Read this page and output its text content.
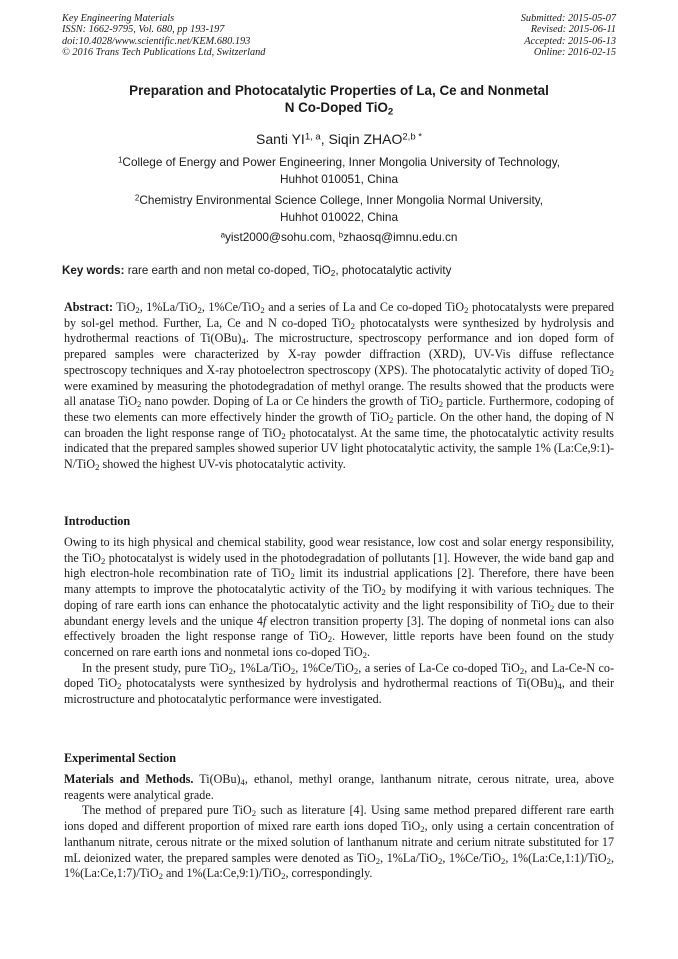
Key Engineering Materials
ISSN: 1662-9795, Vol. 680, pp 193-197
doi:10.4028/www.scientific.net/KEM.680.193
© 2016 Trans Tech Publications Ltd, Switzerland
Submitted: 2015-05-07
Revised: 2015-06-11
Accepted: 2015-06-13
Online: 2016-02-15
Preparation and Photocatalytic Properties of La, Ce and Nonmetal
N Co-Doped TiO$_2$
Santi YI$^{1, a}$, Siqin $ZHAO^{2,b *}$
$^1$College of Energy and Power Engineering, Inner Mongolia University of Technology,
Huhhot 010051, China
$^2$Chemistry Environmental Science College, Inner Mongolia Normal University,
Huhhot 010022, China
$^a$yist2000@sohu.com, $^b$zhaosq@imnu.edu.cn
Key words: rare earth and non metal co-doped, TiO$_2$, photocatalytic activity

Abstract: TiO$_2$, 1%La/TiO$_2$, 1%Ce/TiO$_2$ and a series of La and Ce co-doped TiO$_2$ photocatalysts were prepared by sol-gel method. Further, La, Ce and N co-doped TiO$_2$ photocatalysts were synthesized by hydrolysis and hydrothermal reactions of $Ti(OBu)_4$. The microstructure, spectroscopy performance and ion doped form of prepared samples were characterized by X-ray powder diffraction (XRD), UV-Vis diffuse reflectance spectroscopy techniques and X-ray photoelectron spectroscopy (XPS). The photocatalytic activity of doped TiO$_2$ were examined by measuring the photodegradation of methyl orange. The results showed that the products were all anatase TiO$_2$ nano powder. Doping of La or Ce hinders the growth of TiO$_2$ particle. Furthermore, codoping of these two elements can more effectively hinder the growth of TiO$_2$ particle. On the other hand, the doping of N can broaden the light response range of TiO$_2$ photocatalyst. At the same time, the photocatalytic activity results indicated that the prepared samples showed superior UV light photocatalytic activity, the sample 1% (La:Ce,9:1)-N/TiO$_2$ showed the highest UV-vis photocatalytic activity.

Introduction

Owing to its high physical and chemical stability, good wear resistance, low cost and solar energy responsibility, the TiO$_2$ photocatalyst is widely used in the photodegradation of pollutants [1]. However, the wide band gap and high electron-hole recombination rate of TiO$_2$ limit its industrial applications [2]. Therefore, there have been many attempts to improve the photocatalytic activity of the TiO$_2$ by modifying it with various techniques. The doping of rare earth ions can enhance the photocatalytic activity and the light responsibility of TiO$_2$ due to their abundant energy levels and the unique 4f electron transition property [3]. The doping of nonmetal ions can also effectively broaden the light response range of TiO$_2$. However, little reports have been found on the study concerned on rare earth ions and nonmetal ions co-doped TiO$_2$.

In the present study, pure TiO$_2$, 1%La/TiO$_2$, 1%Ce/TiO$_2$, a series of La-Ce co-doped TiO$_2$, and La-Ce-N co-doped TiO$_2$ photocatalysts were synthesized by hydrolysis and hydrothermal reactions of $Ti(OBu)_4$, and their microstructure and photocatalytic performance were investigated.

Experimental Section

Materials and Methods. $Ti(OBu)_4$, ethanol, methyl orange, lanthanum nitrate, cerous nitrate, urea, above reagents were analytical grade.

The method of prepared pure TiO$_2$ such as literature [4]. Using same method prepared different rare earth ions doped and different proportion of mixed rare earth ions doped TiO$_2$, only using a certain concentration of lanthanum nitrate, cerous nitrate or the mixed solution of lanthanum nitrate and cerium nitrate substituted for 17 mL deionized water, the prepared samples were denoted as TiO$_2$, 1%La/TiO$_2$, 1%Ce/TiO$_2$, 1%(La:Ce,1:1)/TiO$_2$, 1%(La:Ce,1:7)/TiO$_2$ and 1%(La:Ce,9:1)/TiO$_2$, correspondingly.
